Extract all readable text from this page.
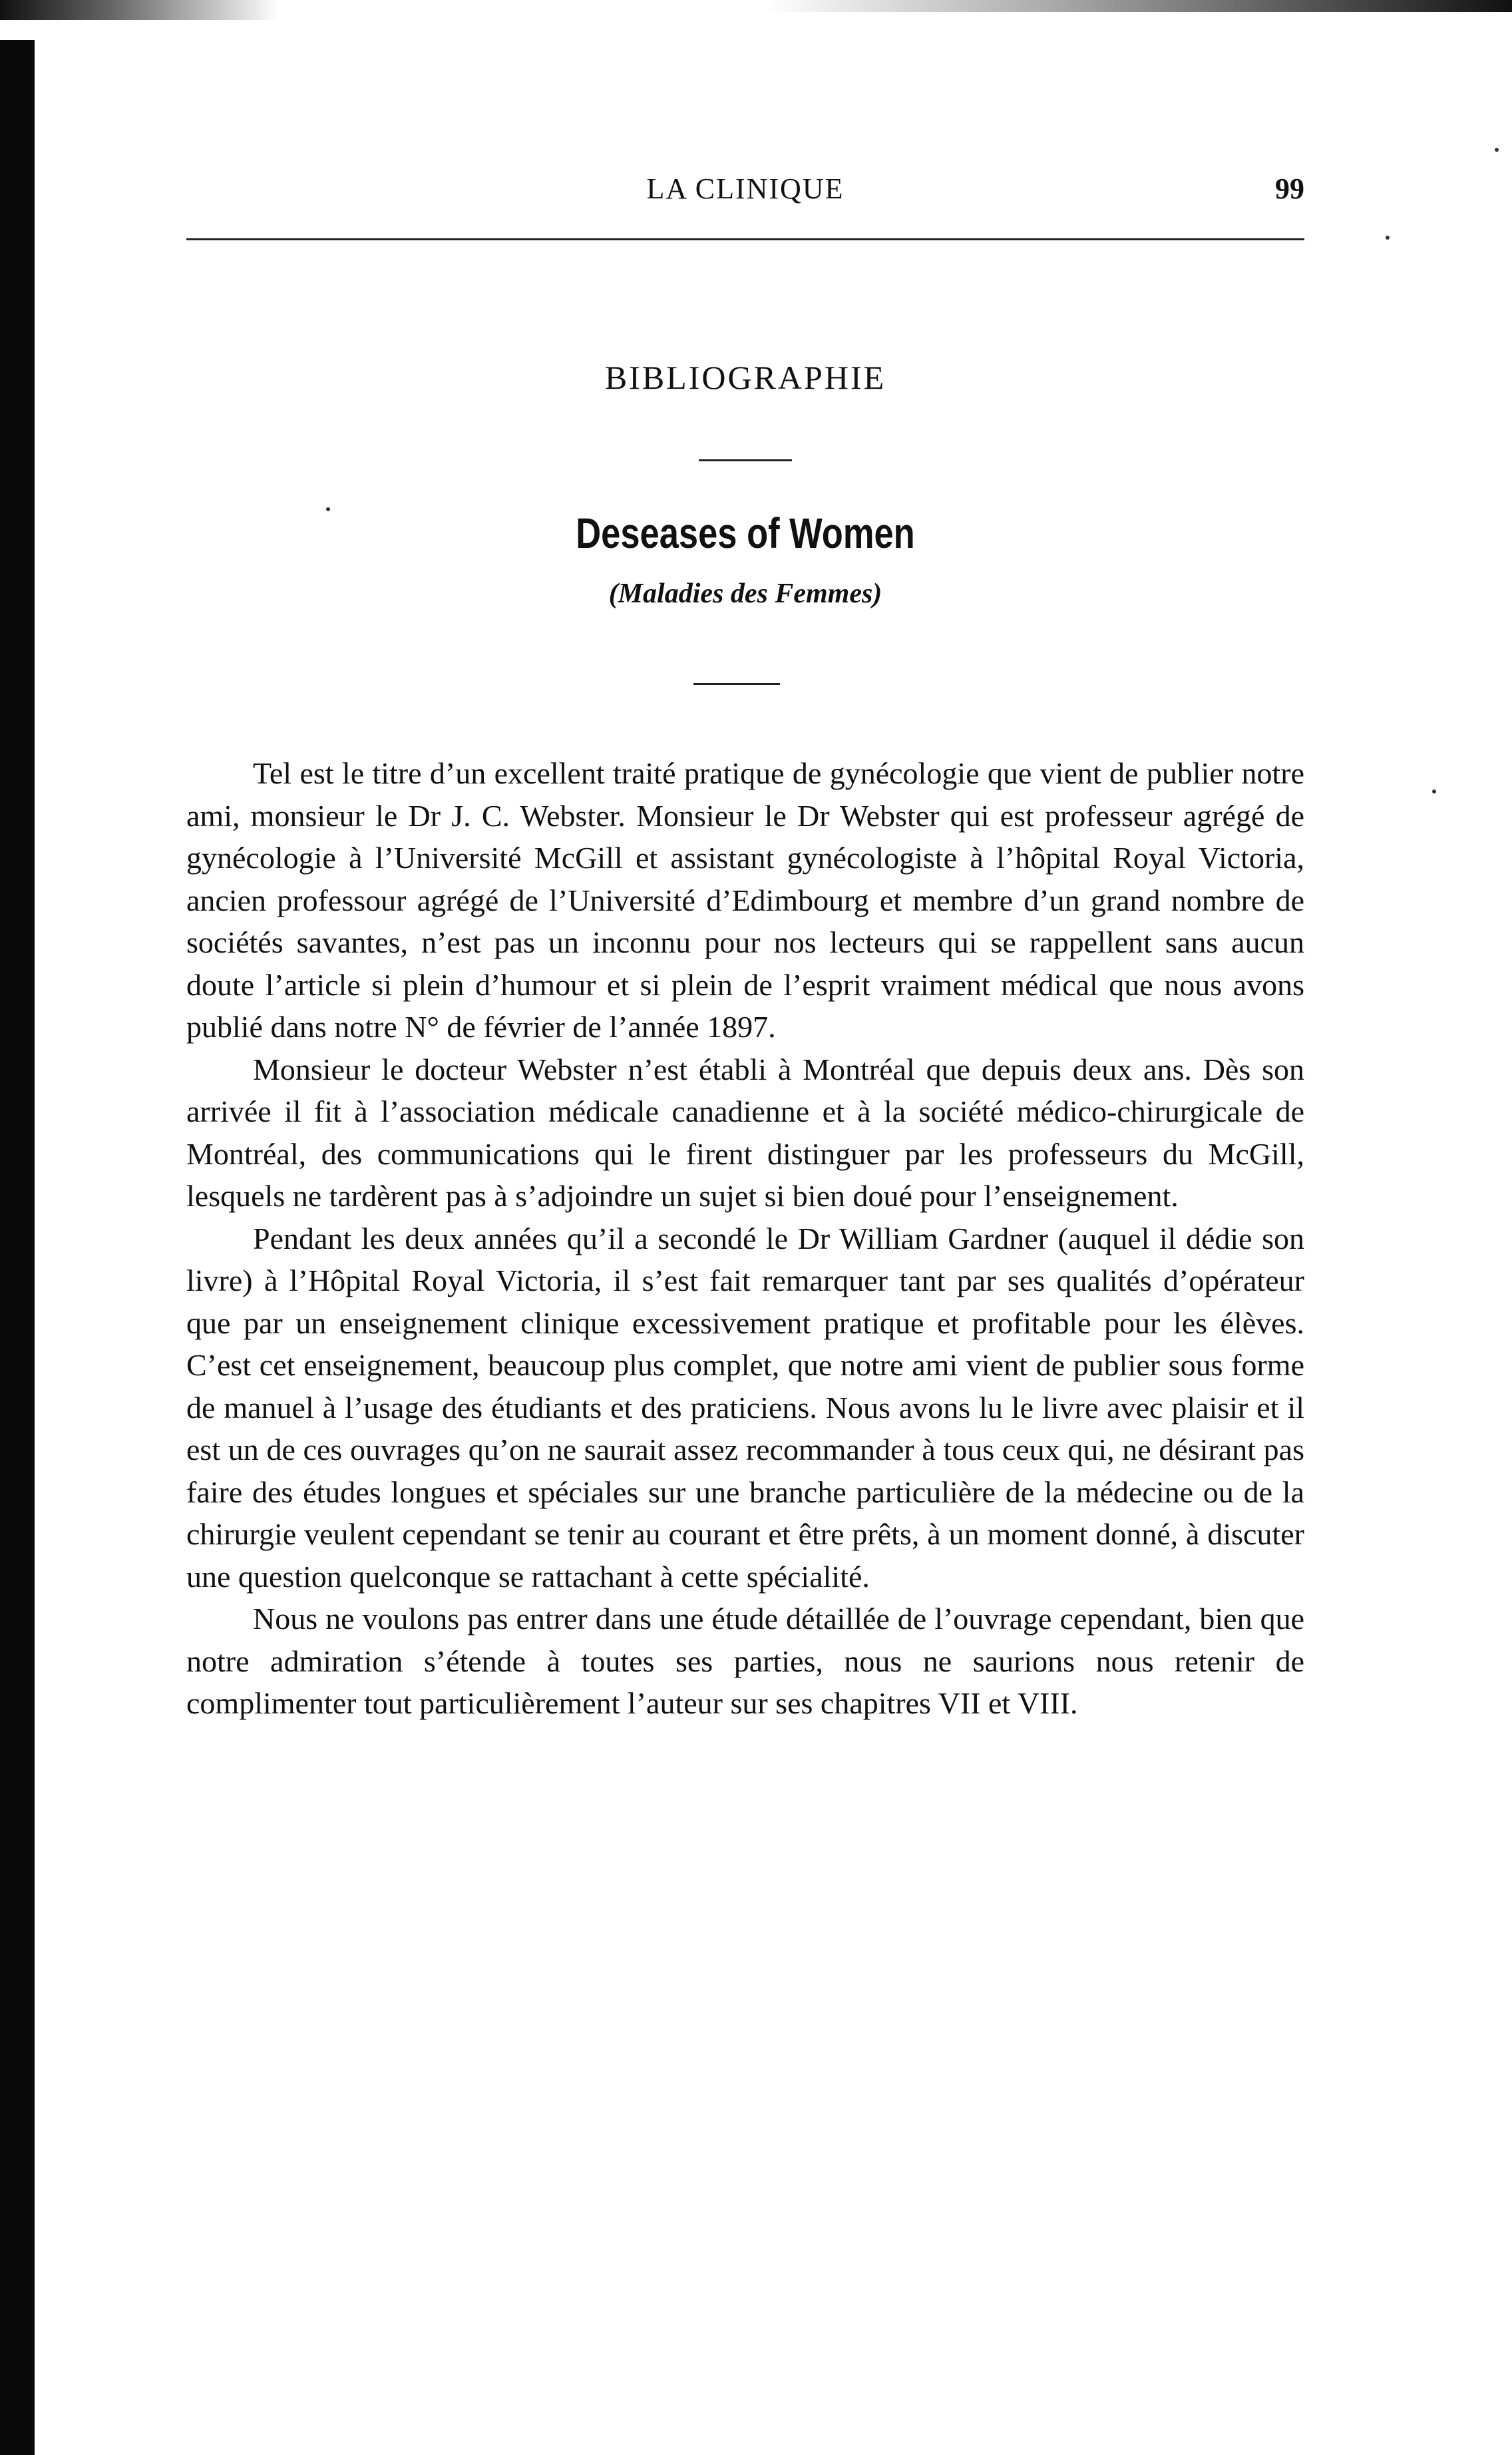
LA CLINIQUE	99
BIBLIOGRAPHIE
Deseases of Women
(Maladies des Femmes)

Tel est le titre d’un excellent traité pratique de gynécologie que vient de publier notre ami, monsieur le Dr J. C. Webster. Monsieur le Dr Webster qui est professeur agrégé de gynécologie à l’Université McGill et assistant gynécologiste à l’hôpital Royal Victoria, ancien professour agrégé de l’Université d’Edimbourg et membre d’un grand nombre de sociétés savantes, n’est pas un inconnu pour nos lecteurs qui se rappellent sans aucun doute l’article si plein d’humour et si plein de l’esprit vraiment médical que nous avons publié dans notre N° de février de l’année 1897.

Monsieur le docteur Webster n’est établi à Montréal que depuis deux ans. Dès son arrivée il fit à l’association médicale canadienne et à la société médico-chirurgicale de Montréal, des communications qui le firent distinguer par les professeurs du McGill, lesquels ne tardèrent pas à s’adjoindre un sujet si bien doué pour l’enseignement.

Pendant les deux années qu’il a secondé le Dr William Gardner (auquel il dédie son livre) à l’Hôpital Royal Victoria, il s’est fait remarquer tant par ses qualités d’opérateur que par un enseignement clinique excessivement pratique et profitable pour les élèves. C’est cet enseignement, beaucoup plus complet, que notre ami vient de publier sous forme de manuel à l’usage des étudiants et des praticiens. Nous avons lu le livre avec plaisir et il est un de ces ouvrages qu’on ne saurait assez recommander à tous ceux qui, ne désirant pas faire des études longues et spéciales sur une branche particulière de la médecine ou de la chirurgie veulent cependant se tenir au courant et être prêts, à un moment donné, à discuter une question quelconque se rattachant à cette spécialité.

Nous ne voulons pas entrer dans une étude détaillée de l’ouvrage cependant, bien que notre admiration s’étende à toutes ses parties, nous ne saurions nous retenir de complimenter tout particulièrement l’auteur sur ses chapitres VII et VIII.
